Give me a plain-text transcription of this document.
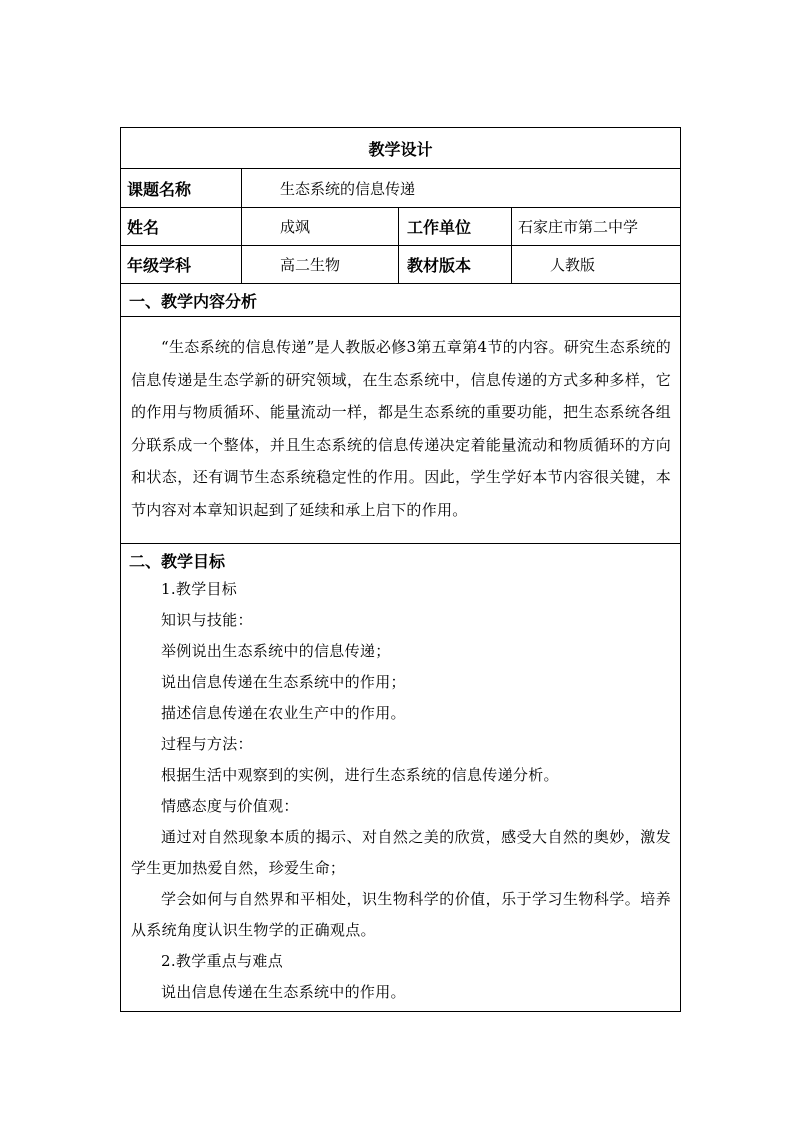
教学设计
课题名称	生态系统的信息传递
姓名	成飒	工作单位	石家庄市第二中学
年级学科	高二生物	教材版本	人教版
一、教学内容分析

“生态系统的信息传递”是人教版必修3第五章第4节的内容。研究生态系统的信息传递是生态学新的研究领域，在生态系统中，信息传递的方式多种多样，它的作用与物质循环、能量流动一样，都是生态系统的重要功能，把生态系统各组分联系成一个整体，并且生态系统的信息传递决定着能量流动和物质循环的方向和状态，还有调节生态系统稳定性的作用。因此，学生学好本节内容很关键，本节内容对本章知识起到了延续和承上启下的作用。

二、教学目标
1.教学目标
知识与技能：
举例说出生态系统中的信息传递；
说出信息传递在生态系统中的作用；
描述信息传递在农业生产中的作用。
过程与方法：
根据生活中观察到的实例，进行生态系统的信息传递分析。
情感态度与价值观：
通过对自然现象本质的揭示、对自然之美的欣赏，感受大自然的奥妙，激发学生更加热爱自然，珍爱生命；
学会如何与自然界和平相处，识生物科学的价值，乐于学习生物科学。培养从系统角度认识生物学的正确观点。
2.教学重点与难点
说出信息传递在生态系统中的作用。
